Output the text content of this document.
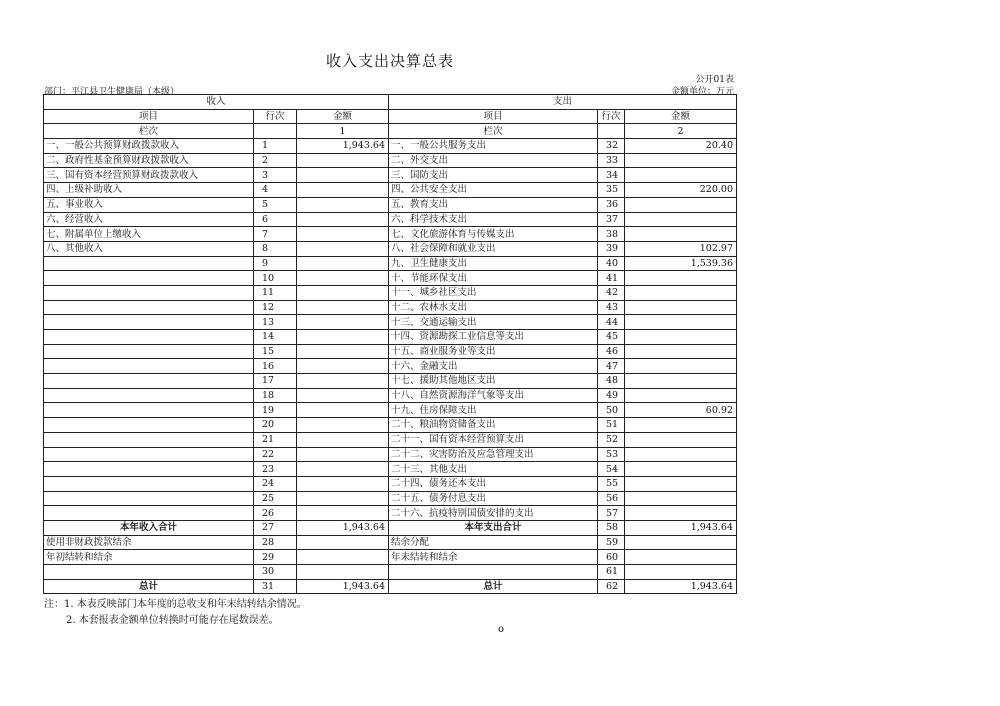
收入支出决算总表
公开01表
部门：平江县卫生健康局（本级）	金额单位：万元
收入			支出		
项目	行次	金额	项目	行次	金额
栏次		1	栏次		2
一、一般公共预算财政拨款收入	1	1,943.64	一、一般公共服务支出	32	20.40
二、政府性基金预算财政拨款收入	2		二、外交支出	33	
三、国有资本经营预算财政拨款收入	3		三、国防支出	34	
四、上级补助收入	4		四、公共安全支出	35	220.00
五、事业收入	5		五、教育支出	36	
六、经营收入	6		六、科学技术支出	37	
七、附属单位上缴收入	7		七、文化旅游体育与传媒支出	38	
八、其他收入	8		八、社会保障和就业支出	39	102.97
	9		九、卫生健康支出	40	1,539.36
	10		十、节能环保支出	41	
	11		十一、城乡社区支出	42	
	12		十二、农林水支出	43	
	13		十三、交通运输支出	44	
	14		十四、资源勘探工业信息等支出	45	
	15		十五、商业服务业等支出	46	
	16		十六、金融支出	47	
	17		十七、援助其他地区支出	48	
	18		十八、自然资源海洋气象等支出	49	
	19		十九、住房保障支出	50	60.92
	20		二十、粮油物资储备支出	51	
	21		二十一、国有资本经营预算支出	52	
	22		二十二、灾害防治及应急管理支出	53	
	23		二十三、其他支出	54	
	24		二十四、债务还本支出	55	
	25		二十五、债务付息支出	56	
	26		二十六、抗疫特别国债安排的支出	57	
本年收入合计	27	1,943.64	本年支出合计	58	1,943.64
使用非财政拨款结余	28		结余分配	59	
年初结转和结余	29		年末结转和结余	60	
	30			61	
总计	31	1,943.64	总计	62	1,943.64
注：1. 本表反映部门本年度的总收支和年末结转结余情况。
2. 本套报表金额单位转换时可能存在尾数误差。
o
